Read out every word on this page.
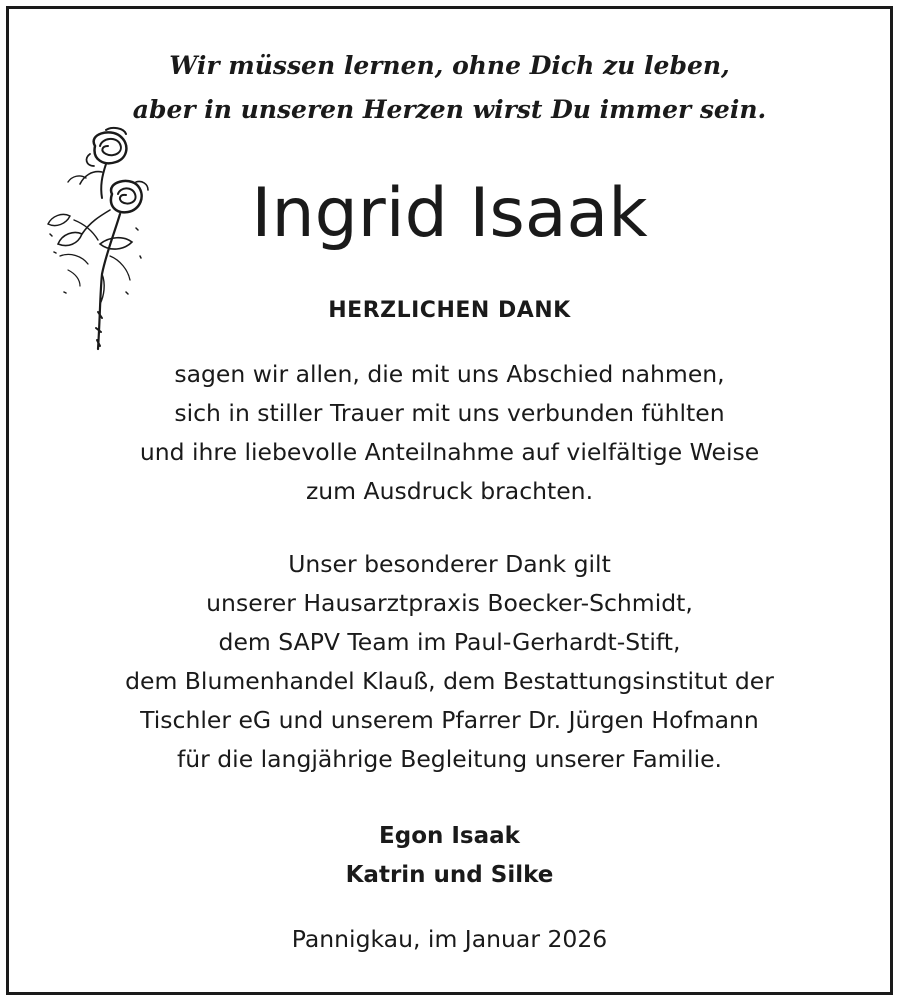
Wir müssen lernen, ohne Dich zu leben,
aber in unseren Herzen wirst Du immer sein.
Ingrid Isaak
HERZLICHEN DANK
sagen wir allen, die mit uns Abschied nahmen,
sich in stiller Trauer mit uns verbunden fühlten
und ihre liebevolle Anteilnahme auf vielfältige Weise
zum Ausdruck brachten.
Unser besonderer Dank gilt
unserer Hausarztpraxis Boecker-Schmidt,
dem SAPV Team im Paul-Gerhardt-Stift,
dem Blumenhandel Klauß, dem Bestattungsinstitut der
Tischler eG und unserem Pfarrer Dr. Jürgen Hofmann
für die langjährige Begleitung unserer Familie.
Egon Isaak
Katrin und Silke
Pannigkau, im Januar 2026
